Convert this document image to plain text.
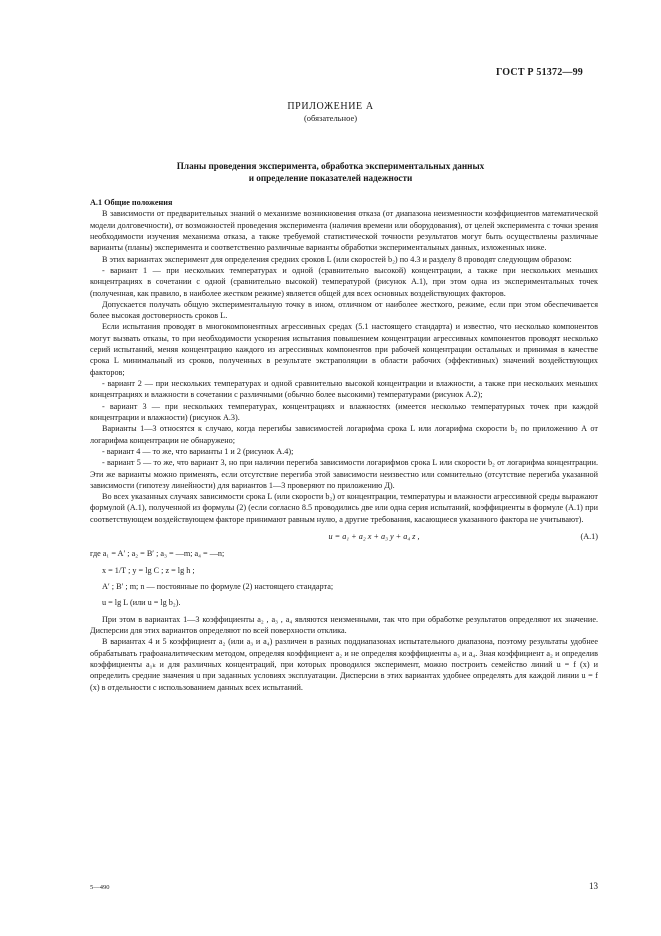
ГОСТ Р 51372—99
ПРИЛОЖЕНИЕ А
(обязательное)
Планы проведения эксперимента, обработка экспериментальных данных
и определение показателей надежности

А.1 Общие положения

В зависимости от предварительных знаний о механизме возникновения отказа (от диапазона неизменности коэффициентов математической модели долговечности), от возможностей проведения эксперимента (наличия времени или оборудования), от целей эксперимента с точки зрения необходимости изучения механизма отказа, а также требуемой статистической точности результатов могут быть осуществлены различные варианты (планы) эксперимента и соответственно различные варианты обработки экспериментальных данных, изложенных ниже.

В этих вариантах эксперимент для определения средних сроков L (или скоростей b₂) по 4.3 и разделу 8 проводят следующим образом:

- вариант 1 — при нескольких температурах и одной (сравнительно высокой) концентрации, а также при нескольких меньших концентрациях в сочетании с одной (сравнительно высокой) температурой (рисунок А.1), при этом одна из экспериментальных точек (полученная, как правило, в наиболее жестком режиме) является общей для всех основных воздействующих факторов.

Допускается получать общую экспериментальную точку в ином, отличном от наиболее жесткого, режиме, если при этом обеспечивается более высокая достоверность сроков L.

Если испытания проводят в многокомпонентных агрессивных средах (5.1 настоящего стандарта) и известно, что несколько компонентов могут вызвать отказы, то при необходимости ускорения испытания повышением концентрации агрессивных компонентов проводят несколько серий испытаний, меняя концентрацию каждого из агрессивных компонентов при рабочей концентрации остальных и принимая в качестве срока L минимальный из сроков, полученных в результате экстраполяции в области рабочих (эффективных) значений воздействующих факторов;

- вариант 2 — при нескольких температурах и одной сравнительно высокой концентрации и влажности, а также при нескольких меньших концентрациях и влажности в сочетании с различными (обычно более высокими) температурами (рисунок А.2);

- вариант 3 — при нескольких температурах, концентрациях и влажностях (имеется несколько температурных точек при каждой концентрации и влажности) (рисунок А.3).

Варианты 1—3 относятся к случаю, когда перегибы зависимостей логарифма срока L или логарифма скорости b₂ по приложению А от логарифма концентрации не обнаружено;

- вариант 4 — то же, что варианты 1 и 2 (рисунок А.4);

- вариант 5 — то же, что вариант 3, но при наличии перегиба зависимости логарифмов срока L или скорости b₂ от логарифма концентрации. Эти же варианты можно применять, если отсутствие перегиба этой зависимости неизвестно или сомнительно (отсутствие перегиба указанной зависимости (гипотезу линейности) для вариантов 1—3 проверяют по приложению Д).

Во всех указанных случаях зависимости срока L (или скорости b₂) от концентрации, температуры и влажности агрессивной среды выражают формулой (А.1), полученной из формулы (2) (если согласно 8.5 проводились две или одна серия испытаний, коэффициенты в формуле (А.1) при соответствующем воздействующем факторе принимают равным нулю, а другие требования, касающиеся указанного фактора не учитывают).

u = a₁ + a₂ x + a₃ y + a₄ z ,	(А.1)

где a₁ = A′ ; a₂ = B′ ; a₃ = —m; a₄ = —n;

x = 1/T ; y = lg C ; z = lg h ;

A′ ; B′ ; m; n — постоянные по формуле (2) настоящего стандарта;

u = lg L (или u = lg b₂).

При этом в вариантах 1—3 коэффициенты a₂ , a₃ , a₄ являются неизменными, так что при обработке результатов определяют их значение. Дисперсии для этих вариантов определяют по всей поверхности отклика.

В вариантах 4 и 5 коэффициент a₂ (или a₃ и a₄) различен в разных поддиапазонах испытательного диапазона, поэтому результаты удобнее обрабатывать графоаналитическим методом, определяя коэффициент a₂ и не определяя коэффициенты a₃ и a₄. Зная коэффициент a₂ и определив коэффициенты a₁ₖ и для различных концентраций, при которых проводился эксперимент, можно построить семейство линий u = f (x) и определить средние значения u при заданных условиях эксплуатации. Дисперсии в этих вариантах удобнее определять для каждой линии u = f (x) в отдельности с использованием данных всех испытаний.

5—490	13
